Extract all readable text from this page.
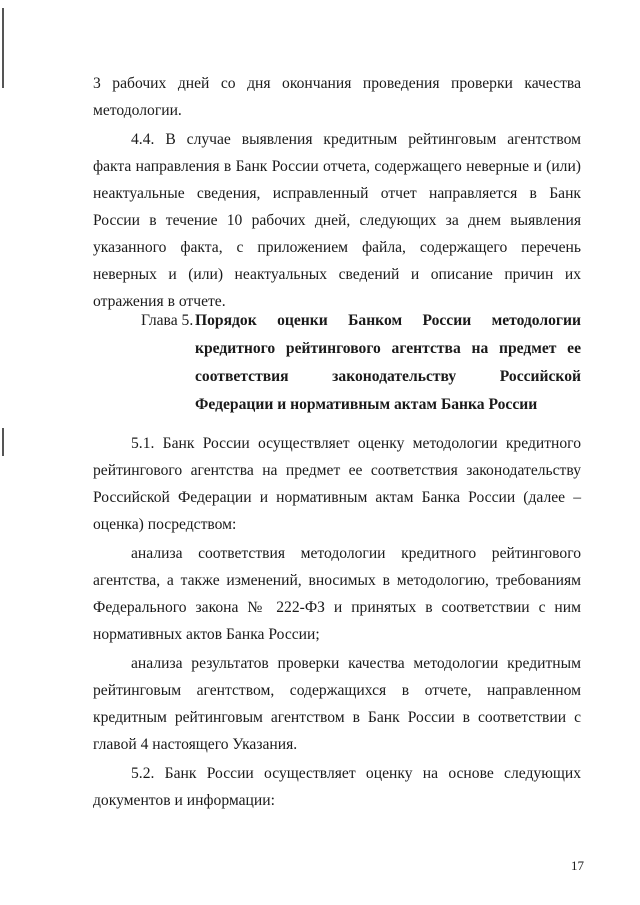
3 рабочих дней со дня окончания проведения проверки качества методологии.

4.4. В случае выявления кредитным рейтинговым агентством факта направления в Банк России отчета, содержащего неверные и (или) неактуальные сведения, исправленный отчет направляется в Банк России в течение 10 рабочих дней, следующих за днем выявления указанного факта, с приложением файла, содержащего перечень неверных и (или) неактуальных сведений и описание причин их отражения в отчете.

Глава 5. Порядок оценки Банком России методологии кредитного рейтингового агентства на предмет ее соответствия законодательству Российской Федерации и нормативным актам Банка России

5.1. Банк России осуществляет оценку методологии кредитного рейтингового агентства на предмет ее соответствия законодательству Российской Федерации и нормативным актам Банка России (далее – оценка) посредством:

анализа соответствия методологии кредитного рейтингового агентства, а также изменений, вносимых в методологию, требованиям Федерального закона № 222-ФЗ и принятых в соответствии с ним нормативных актов Банка России;

анализа результатов проверки качества методологии кредитным рейтинговым агентством, содержащихся в отчете, направленном кредитным рейтинговым агентством в Банк России в соответствии с главой 4 настоящего Указания.

5.2. Банк России осуществляет оценку на основе следующих документов и информации:

17
